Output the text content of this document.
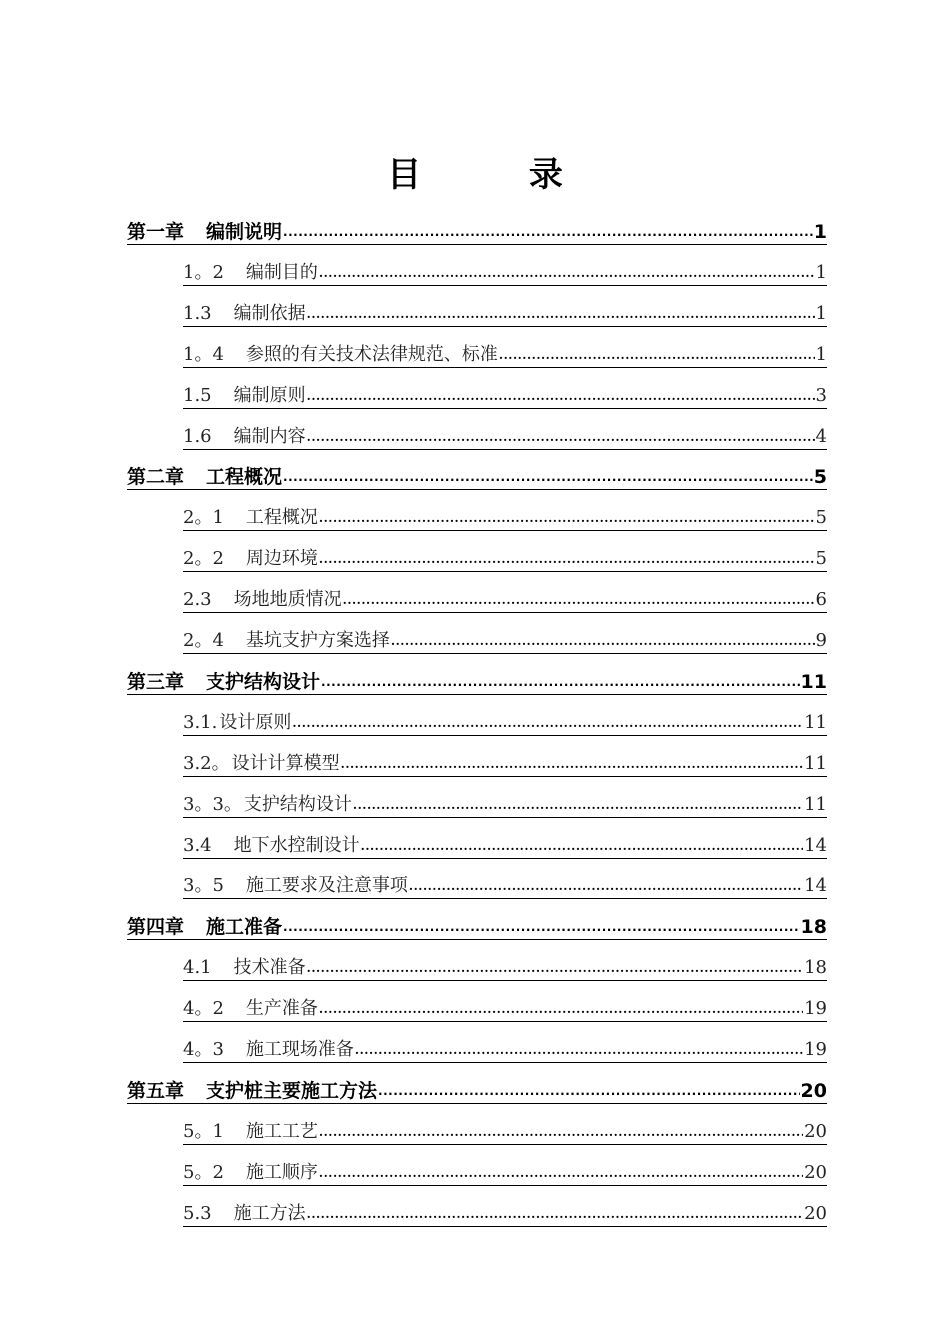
目 录
第一章 编制说明 .....	1
1。2 编制目的 .....	1
1.3 编制依据 .....	1
1。4 参照的有关技术法律规范、标准 .....	1
1.5 编制原则 .....	3
1.6 编制内容 .....	4
第二章 工程概况 .....	5
2。1 工程概况 .....	5
2。2 周边环境 .....	5
2.3 场地地质情况 .....	6
2。4 基坑支护方案选择 .....	9
第三章 支护结构设计 .....	11
3.1. 设计原则 .....	11
3.2。 设计计算模型 .....	11
3。3。 支护结构设计 .....	11
3.4 地下水控制设计 .....	14
3。5 施工要求及注意事项 .....	14
第四章 施工准备 .....	18
4.1 技术准备 .....	18
4。2 生产准备 .....	19
4。3 施工现场准备 .....	19
第五章 支护桩主要施工方法 .....	20
5。1 施工工艺 .....	20
5。2 施工顺序 .....	20
5.3 施工方法 .....	20
